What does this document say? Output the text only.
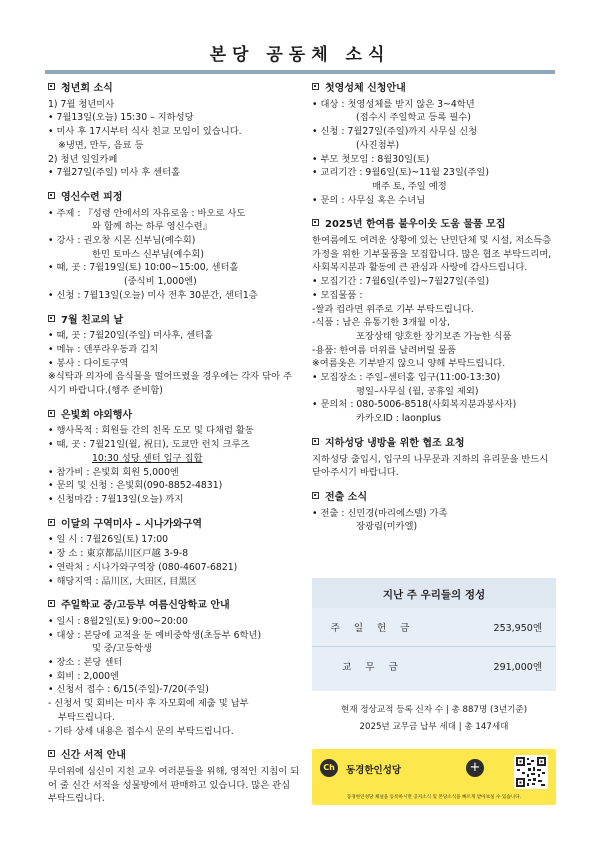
본당 공동체 소식
청년회 소식
1) 7월 청년미사
• 7월13일(오늘) 15:30 – 지하성당
• 미사 후 17시부터 식사 친교 모임이 있습니다.
※냉면, 만두, 음료 등
2) 청년 일일카페
• 7월27일(주일) 미사 후 센터홀
영신수련 피정
• 주제 : 『성령 안에서의 자유로움 : 바오로 사도
와 함께 하는 하루 영신수련』
• 강사 : 권오창 시몬 신부님(예수회)
한민 토마스 신부님(예수회)
• 때, 곳 : 7월19일(토) 10:00~15:00, 센터홀
(중식비 1,000엔)
• 신청 : 7월13일(오늘) 미사 전후 30분간, 센터1층
7월 친교의 날
• 때, 곳 : 7월20일(주일) 미사후, 센터홀
• 메뉴 : 덴푸라우동과 김치
• 봉사 : 다이토구역
※식탁과 의자에 음식물을 떨어뜨렸을 경우에는 각자 닦아 주시기 바랍니다.(행주 준비함)
은빛회 야외행사
• 행사목적 : 회원들 간의 친목 도모 및 다채럼 활동
• 때, 곳 : 7월21일(월, 祝日), 도쿄만 런치 크루즈
10:30 성당 센터 입구 집합
• 참가비 : 은빛회 회원 5,000엔
• 문의 및 신청 : 은빛회(090-8852-4831)
• 신청마감 : 7월13일(오늘) 까지
이달의 구역미사 – 시나가와구역
• 일 시 : 7월26일(토) 17:00
• 장 소 : 東京都品川区戸越 3-9-8
• 연락처 : 시나가와구역장 (080-4607-6821)
• 해당지역 : 品川区, 大田区, 目黒区
주일학교 중/고등부 여름신앙학교 안내
• 일시 : 8월2일(토) 9:00~20:00
• 대상 : 본당에 교적을 둔 예비중학생(초등부 6학년)
및 중/고등학생
• 장소 : 본당 센터
• 회비 : 2,000엔
• 신청서 접수 : 6/15(주일)-7/20(주일)
- 신청서 및 회비는 미사 후 자모회에 제출 및 납부
부탁드립니다.
- 기타 상세 내용은 접수시 문의 부탁드립니다.
신간 서적 안내
무더위에 심신이 지친 교우 여러분들을 위해, 영적인 지침이 되어 줄 신간 서적을 성물방에서 판매하고 있습니다. 많은 관심 부탁드립니다.
첫영성체 신청안내
• 대상 : 첫영성체를 받지 않은 3~4학년
(접수시 주일학교 등록 필수)
• 신청 : 7월27일(주일)까지 사무실 신청
(사진첨부)
• 부모 첫모임 : 8월30일(토)
• 교리기간 : 9월6일(토)~11월 23일(주일)
매주 토, 주일 예정
• 문의 : 사무실 혹은 수녀님
2025년 한여름 불우이웃 도움 물품 모집
한여름에도 여려운 상황에 있는 난민단체 및 시설, 저소득층 가정을 위한 기부물품을 모집합니다. 많은 협조 부탁드리며, 사회복지분과 활동에 큰 관심과 사랑에 감사드립니다.
• 모집기간 : 7월6일(주일)~7월27일(주일)
• 모집물품 :
-쌀과 컵라면 위주로 기부 부탁드립니다.
-식품 : 남은 유통기한 3개월 이상,
포장상태 양호한 장기보존 가능한 식품
-용품: 한여름 더위를 날려버릴 물품
※여름옷은 기부받지 않으니 양해 부탁드립니다.
• 모집장소 : 주일–센터홀 입구(11:00-13:30)
평일–사무실 (월, 공휴일 제외)
• 문의처 : 080-5006-8518(사회복지분과봉사자)
카카오ID : laonplus
지하성당 냉방을 위한 협조 요청
지하성당 출입시, 입구의 나무문과 지하의 유리문을 반드시 닫아주시기 바랍니다.
전출 소식
• 전출 : 신민경(마리에스텔) 가족
장광림(미카엘)
지난 주 우리들의 정성
주일헌금	253,950엔
교무금	291,000엔
현재 정상교적 등록 신자 수 | 총 887명 (3년기준)
2025년 교무금 납부 세대 | 총 147세대
Ch	동경한인성당	+
동경한인성당 채널을 등록하시면 공지소식 및 본당소식을 빠르게 받아보실 수 있습니다.
